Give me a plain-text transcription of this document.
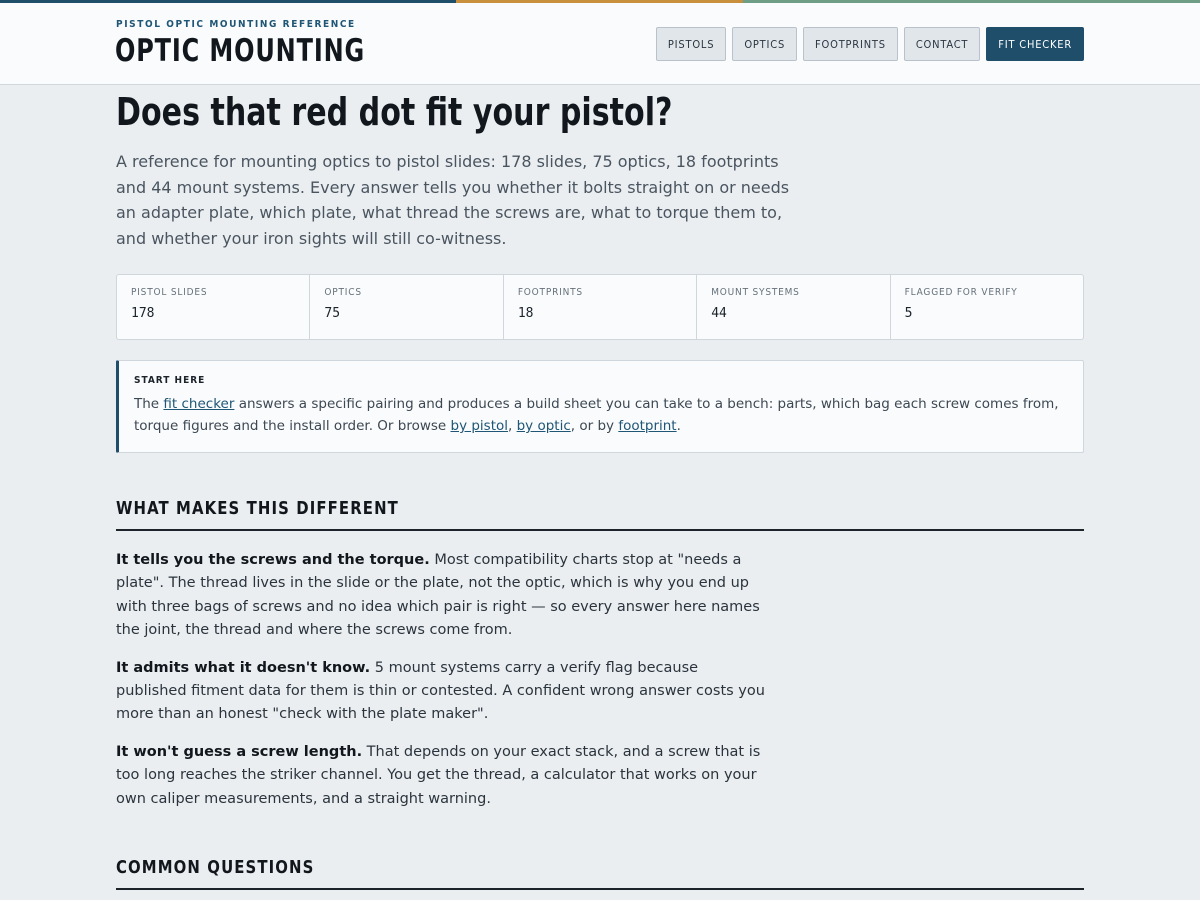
PISTOL OPTIC MOUNTING REFERENCE
OPTIC MOUNTING	PISTOLS	OPTICS	FOOTPRINTS	CONTACT	FIT CHECKER
Does that red dot fit your pistol?

A reference for mounting optics to pistol slides: 178 slides, 75 optics, 18 footprints and 44 mount systems. Every answer tells you whether it bolts straight on or needs an adapter plate, which plate, what thread the screws are, what to torque them to, and whether your iron sights will still co-witness.

PISTOL SLIDES
178
OPTICS
75
FOOTPRINTS
18
MOUNT SYSTEMS
44
FLAGGED FOR VERIFY
5
START HERE
The fit checker answers a specific pairing and produces a build sheet you can take to a bench: parts, which bag each screw comes from, torque figures and the install order. Or browse by pistol, by optic, or by footprint.
WHAT MAKES THIS DIFFERENT

It tells you the screws and the torque. Most compatibility charts stop at "needs a plate". The thread lives in the slide or the plate, not the optic, which is why you end up with three bags of screws and no idea which pair is right — so every answer here names the joint, the thread and where the screws come from.

It admits what it doesn't know. 5 mount systems carry a verify flag because published fitment data for them is thin or contested. A confident wrong answer costs you more than an honest "check with the plate maker".

It won't guess a screw length. That depends on your exact stack, and a screw that is too long reaches the striker channel. You get the thread, a calculator that works on your own caliper measurements, and a straight warning.

COMMON QUESTIONS
